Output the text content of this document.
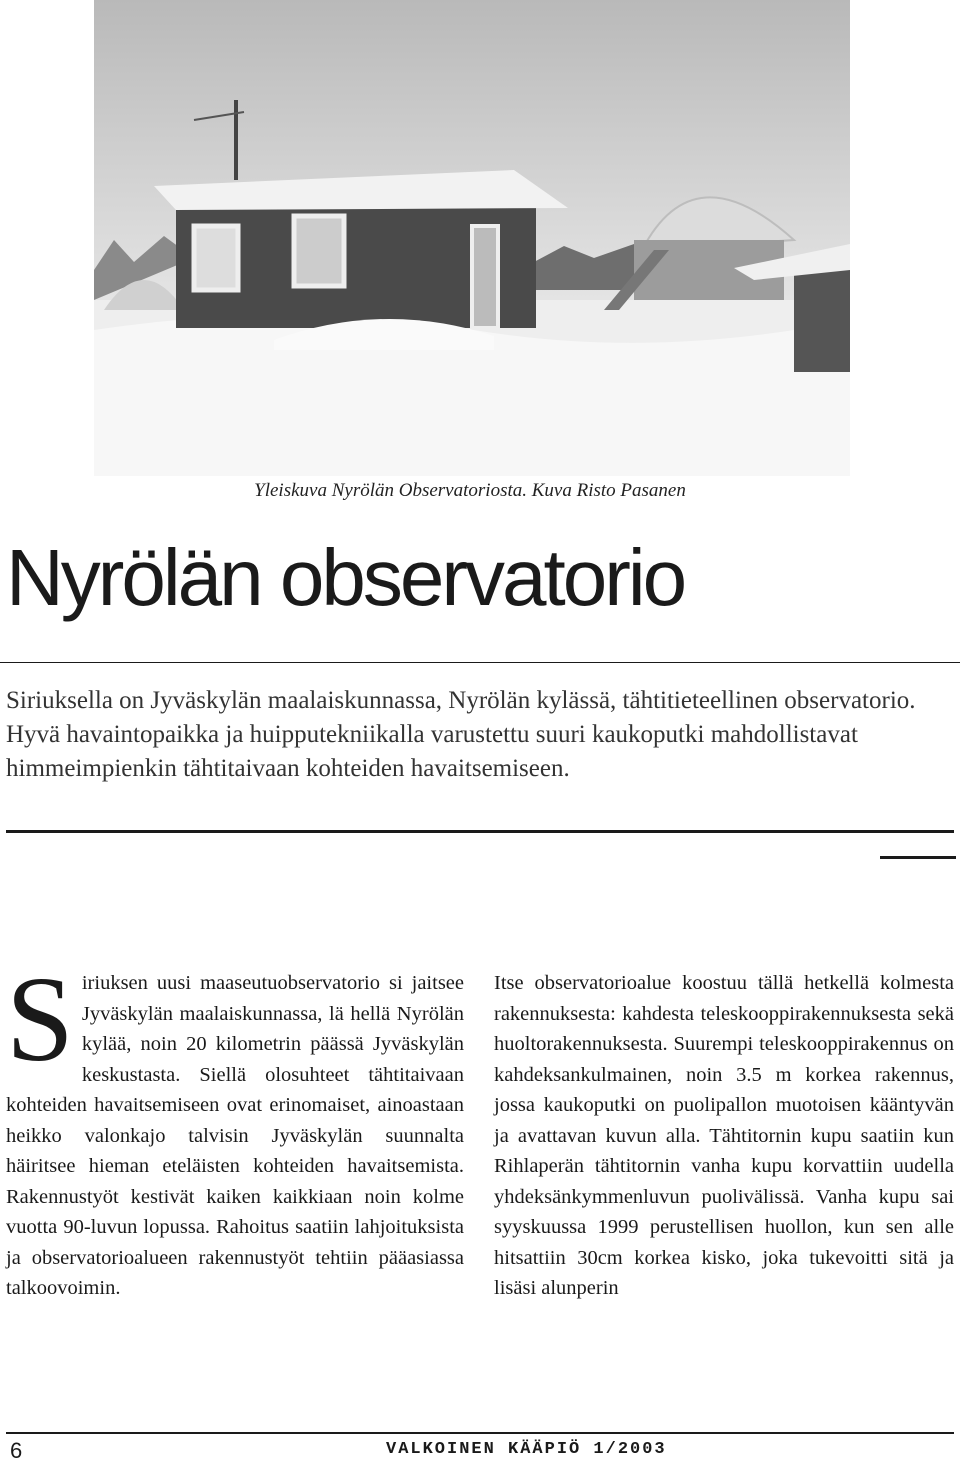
Yleiskuva Nyrölän Observatoriosta. Kuva Risto Pasanen
Nyrölän observatorio

Siriuksella on Jyväskylän maalaiskunnassa, Nyrölän kylässä, tähtitieteellinen observatorio. Hyvä havaintopaikka ja huipputekniikalla varustettu suuri kaukoputki mahdollistavat himmeimpienkin tähtitaivaan kohteiden havaitsemiseen.

Siriuksen uusi maaseutuobservatorio si jaitsee Jyväskylän maalaiskunnassa, lä hellä Nyrölän kylää, noin 20 kilometrin päässä Jyväskylän keskustasta. Siellä olosuhteet tähtitaivaan kohteiden havaitsemiseen ovat erinomaiset, ainoastaan heikko valonkajo talvisin Jyväskylän suunnalta häiritsee hieman eteläisten kohteiden havaitsemista. Rakennustyöt kestivät kaiken kaikkiaan noin kolme vuotta 90-luvun lopussa. Rahoitus saatiin lahjoituksista ja observatorioalueen rakennustyöt tehtiin pääasiassa talkoovoimin.

Itse observatorioalue koostuu tällä hetkellä kolmesta rakennuksesta: kahdesta teleskooppirakennuksesta sekä huoltorakennuksesta. Suurempi teleskooppirakennus on kahdeksankulmainen, noin 3.5 m korkea rakennus, jossa kaukoputki on puolipallon muotoisen kääntyvän ja avattavan kuvun alla. Tähtitornin kupu saatiin kun Rihlaperän tähtitornin vanha kupu korvattiin uudella yhdeksänkymmenluvun puolivälissä. Vanha kupu sai syyskuussa 1999 perustellisen huollon, kun sen alle hitsattiin 30cm korkea kisko, joka tukevoitti sitä ja lisäsi alunperin

6	VALKOINEN KÄÄPIÖ 1/2003
